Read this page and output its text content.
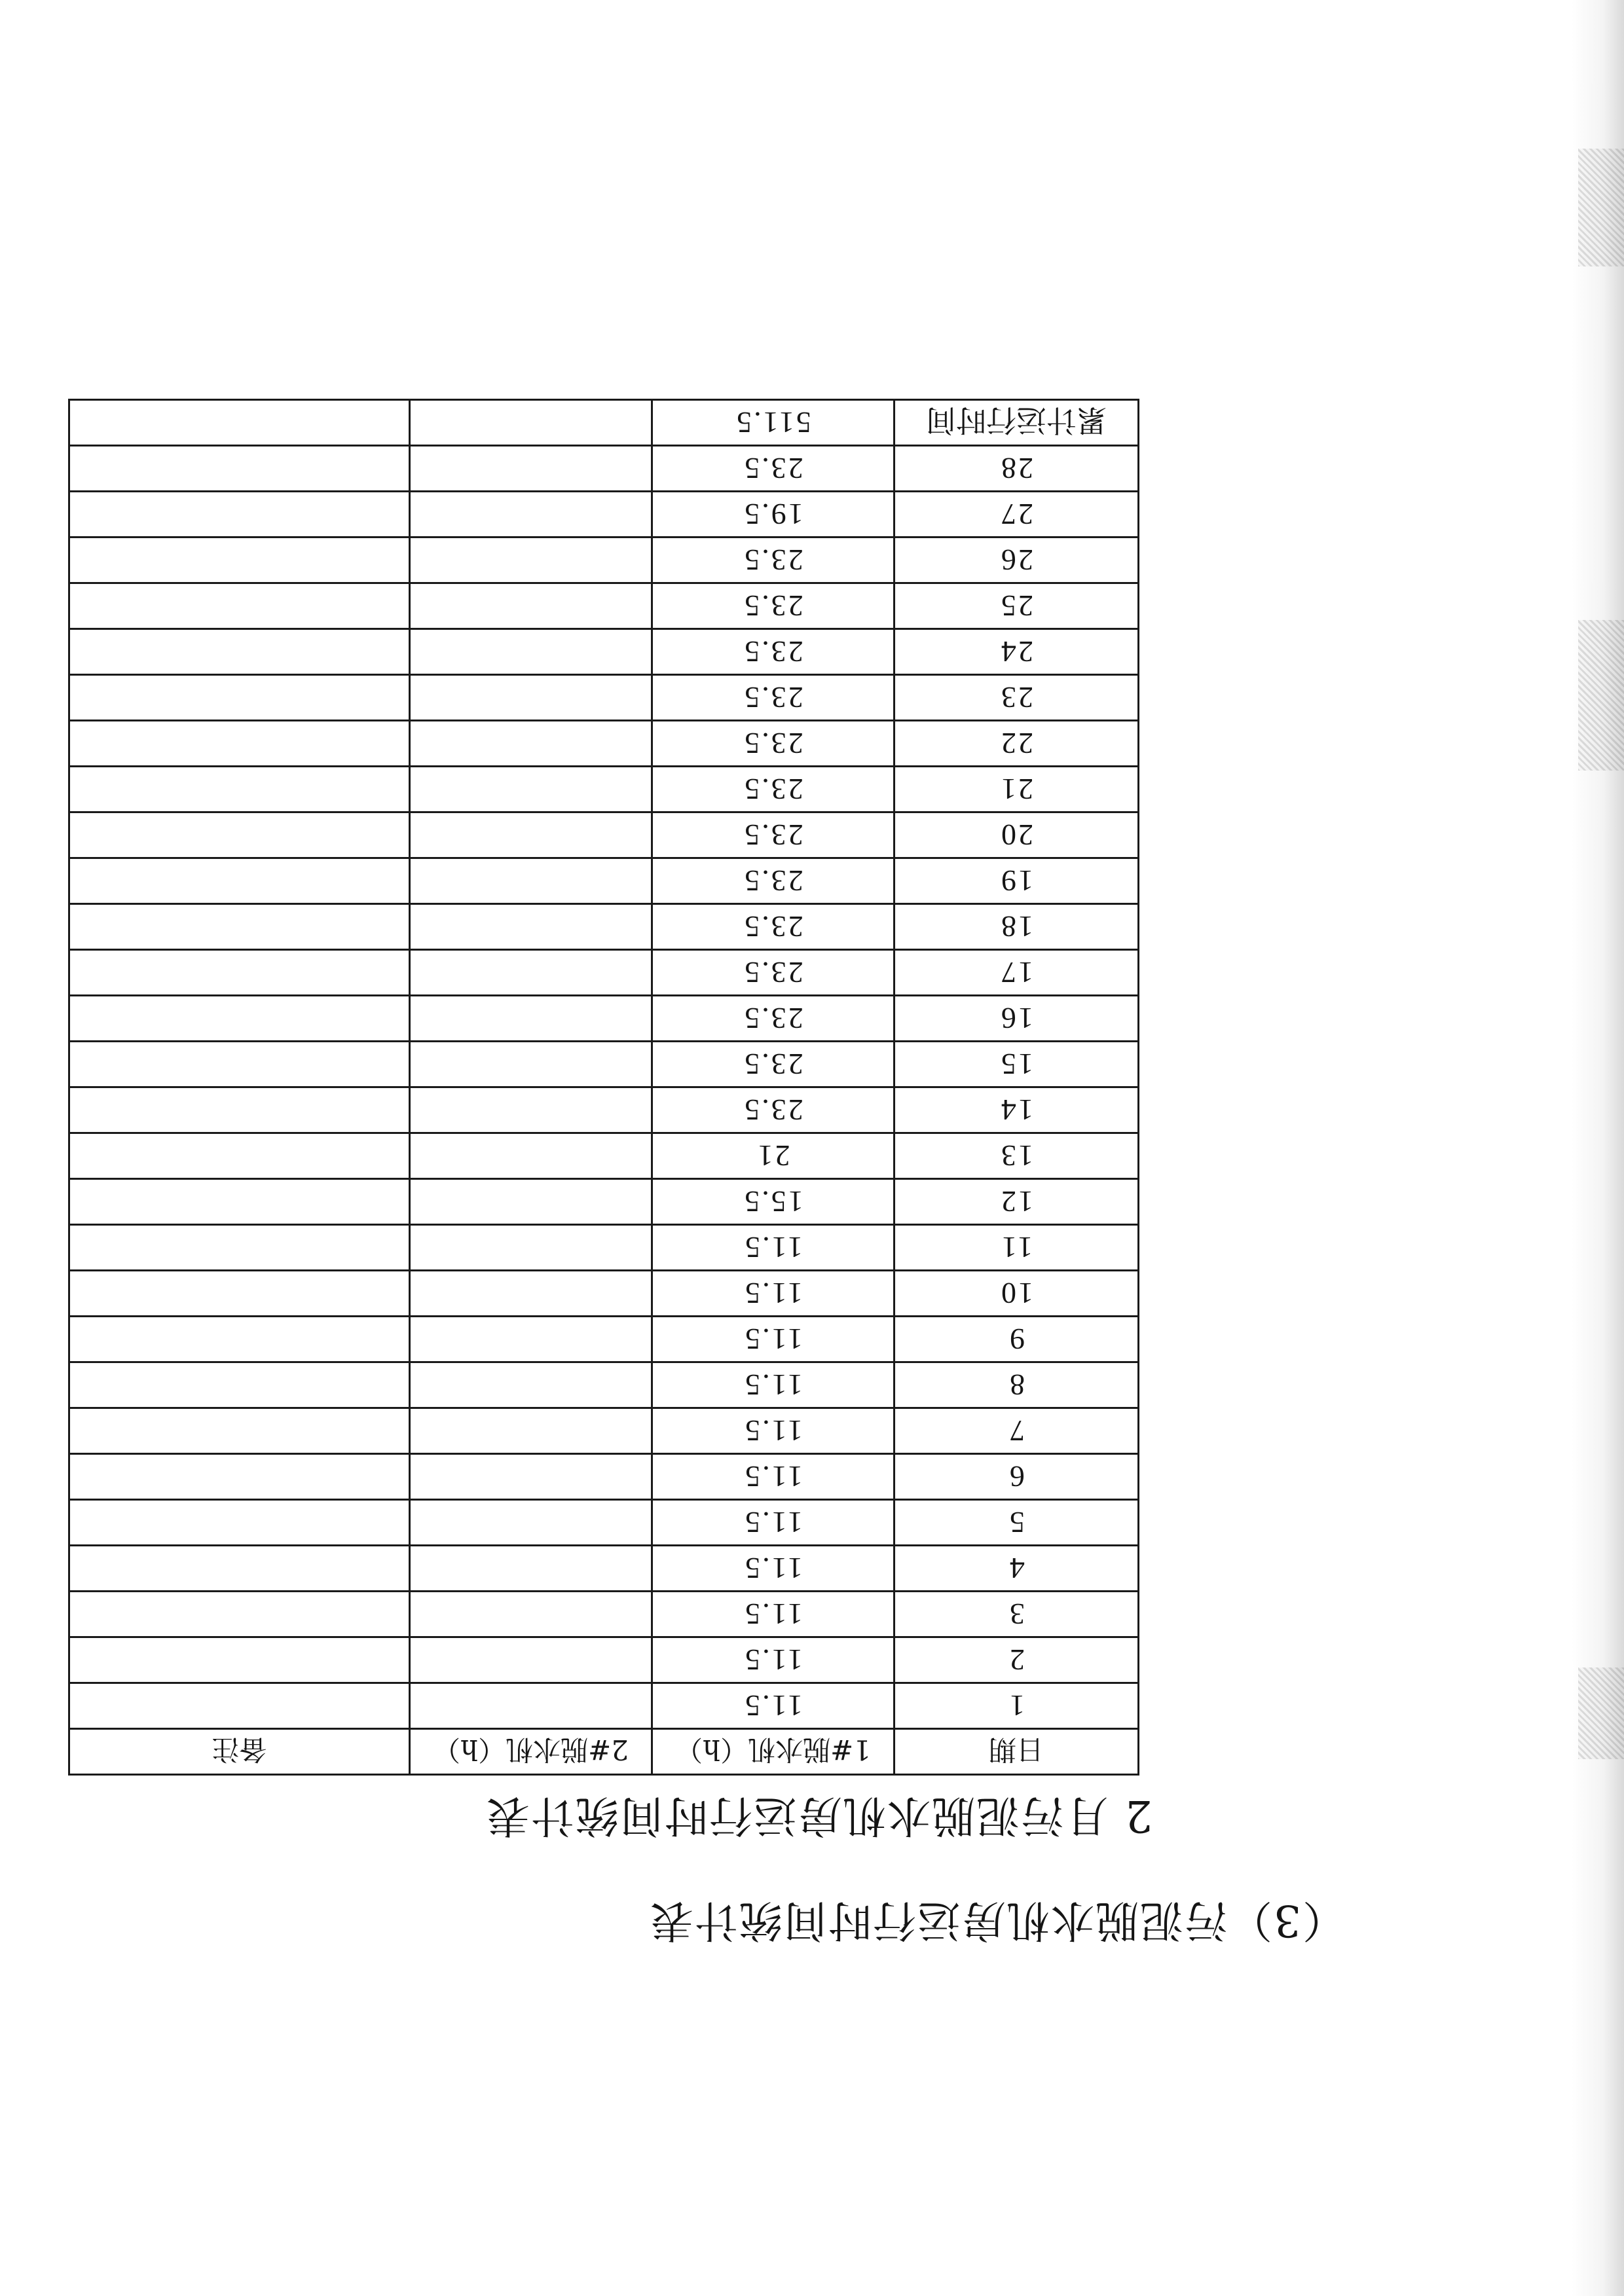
（3）污泥脱水机房运行时间统计表
2 月污泥脱水机房运行时间统计表
日期	1#脱水机（h）	2#脱水机（h）	备注
1	11.5		
2	11.5		
3	11.5		
4	11.5		
5	11.5		
6	11.5		
7	11.5		
8	11.5		
9	11.5		
10	11.5		
11	11.5		
12	15.5		
13	21		
14	23.5		
15	23.5		
16	23.5		
17	23.5		
18	23.5		
19	23.5		
20	23.5		
21	23.5		
22	23.5		
23	23.5		
24	23.5		
25	23.5		
26	23.5		
27	19.5		
28	23.5		
累计运行时间	511.5		
